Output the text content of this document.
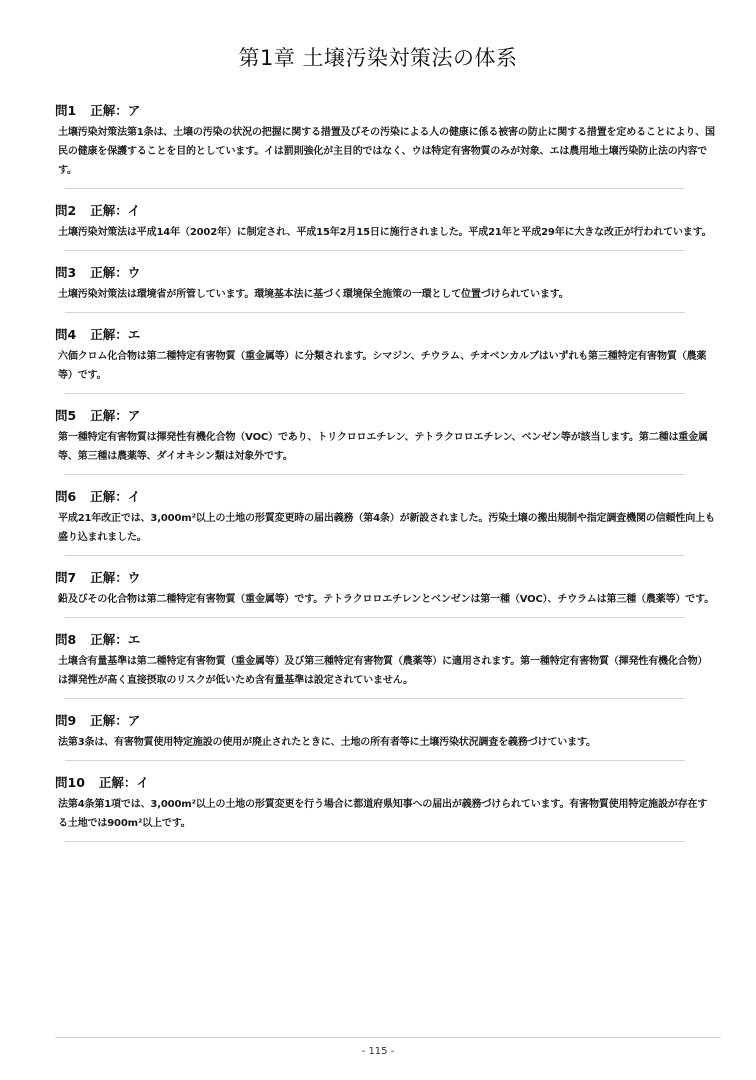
第1章 土壌汚染対策法の体系
問1 正解：ア
土壌汚染対策法第1条は、土壌の汚染の状況の把握に関する措置及びその汚染による人の健康に係る被害の防止に関する措置を定めることにより、国民の健康を保護することを目的としています。イは罰則強化が主目的ではなく、ウは特定有害物質のみが対象、エは農用地土壌汚染防止法の内容です。
問2 正解：イ
土壌汚染対策法は平成14年（2002年）に制定され、平成15年2月15日に施行されました。平成21年と平成29年に大きな改正が行われています。
問3 正解：ウ
土壌汚染対策法は環境省が所管しています。環境基本法に基づく環境保全施策の一環として位置づけられています。
問4 正解：エ
六価クロム化合物は第二種特定有害物質（重金属等）に分類されます。シマジン、チウラム、チオベンカルブはいずれも第三種特定有害物質（農薬等）です。
問5 正解：ア
第一種特定有害物質は揮発性有機化合物（VOC）であり、トリクロロエチレン、テトラクロロエチレン、ベンゼン等が該当します。第二種は重金属等、第三種は農薬等、ダイオキシン類は対象外です。
問6 正解：イ
平成21年改正では、3,000m²以上の土地の形質変更時の届出義務（第4条）が新設されました。汚染土壌の搬出規制や指定調査機関の信頼性向上も盛り込まれました。
問7 正解：ウ
鉛及びその化合物は第二種特定有害物質（重金属等）です。テトラクロロエチレンとベンゼンは第一種（VOC）、チウラムは第三種（農薬等）です。
問8 正解：エ
土壌含有量基準は第二種特定有害物質（重金属等）及び第三種特定有害物質（農薬等）に適用されます。第一種特定有害物質（揮発性有機化合物）は揮発性が高く直接摂取のリスクが低いため含有量基準は設定されていません。
問9 正解：ア
法第3条は、有害物質使用特定施設の使用が廃止されたときに、土地の所有者等に土壌汚染状況調査を義務づけています。
問10 正解：イ
法第4条第1項では、3,000m²以上の土地の形質変更を行う場合に都道府県知事への届出が義務づけられています。有害物質使用特定施設が存在する土地では900m²以上です。
- 115 -
